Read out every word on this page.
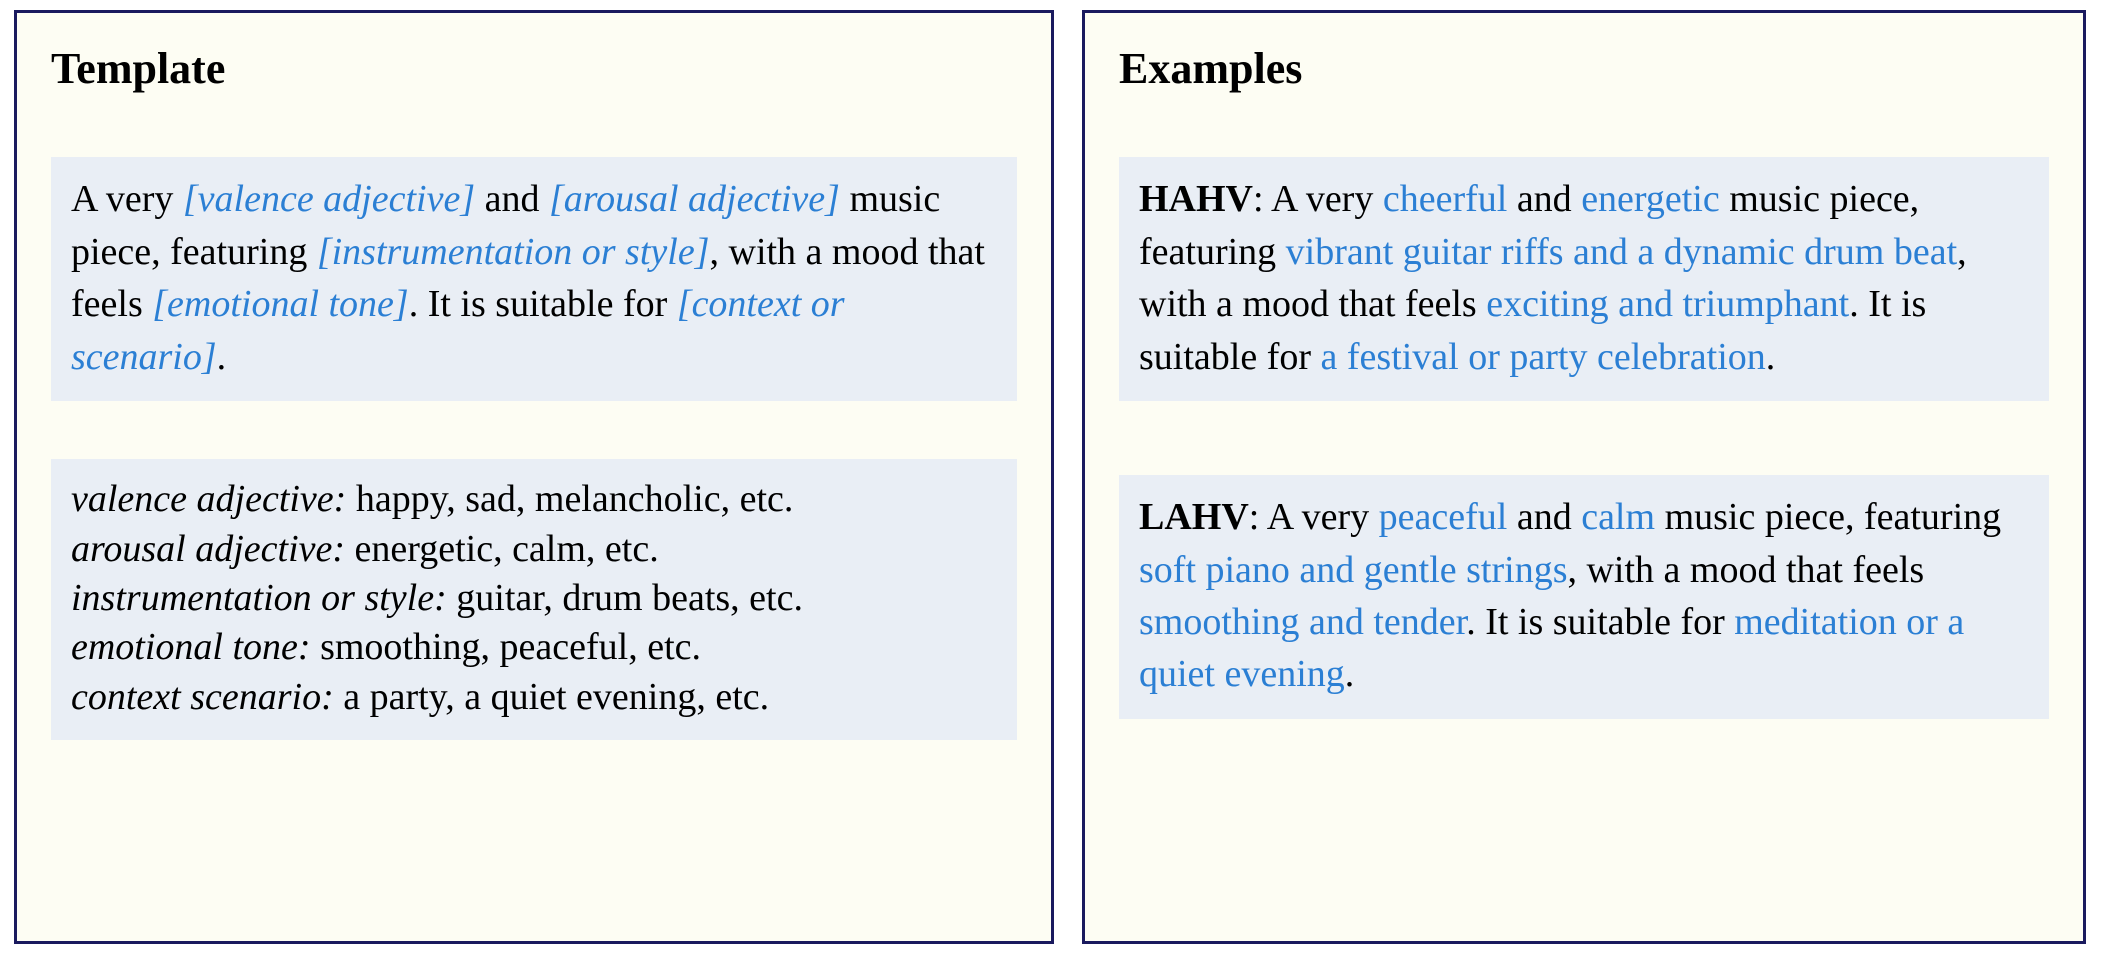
Template
A very [valence adjective] and [arousal adjective] music piece, featuring [instrumentation or style], with a mood that feels [emotional tone]. It is suitable for [context or scenario].
valence adjective: happy, sad, melancholic, etc.
arousal adjective: energetic, calm, etc.
instrumentation or style: guitar, drum beats, etc.
emotional tone: smoothing, peaceful, etc.
context scenario: a party, a quiet evening, etc.
Examples
HAHV: A very cheerful and energetic music piece, featuring vibrant guitar riffs and a dynamic drum beat, with a mood that feels exciting and triumphant. It is suitable for a festival or party celebration.
LAHV: A very peaceful and calm music piece, featuring soft piano and gentle strings, with a mood that feels smoothing and tender. It is suitable for meditation or a quiet evening.
